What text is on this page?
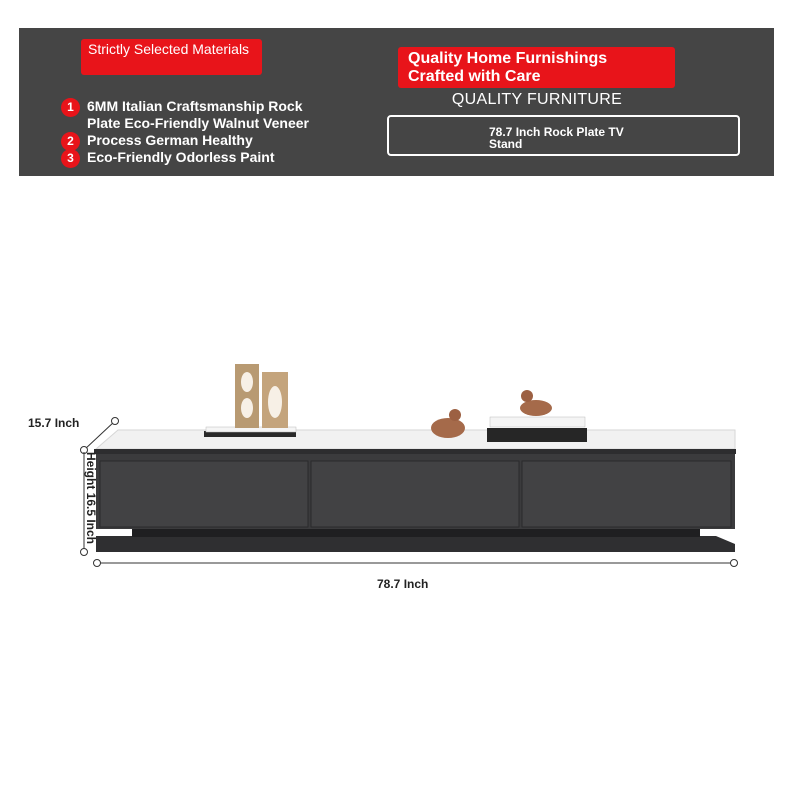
Strictly Selected Materials
Quality Home Furnishings Crafted with Care
1 6MM Italian Craftsmanship Rock
Plate Eco-Friendly Walnut Veneer
2 Process German Healthy
3 Eco-Friendly Odorless Paint
QUALITY FURNITURE
78.7 Inch Rock Plate TV Stand
15.7 Inch
Height 16.5 Inch
78.7 Inch
